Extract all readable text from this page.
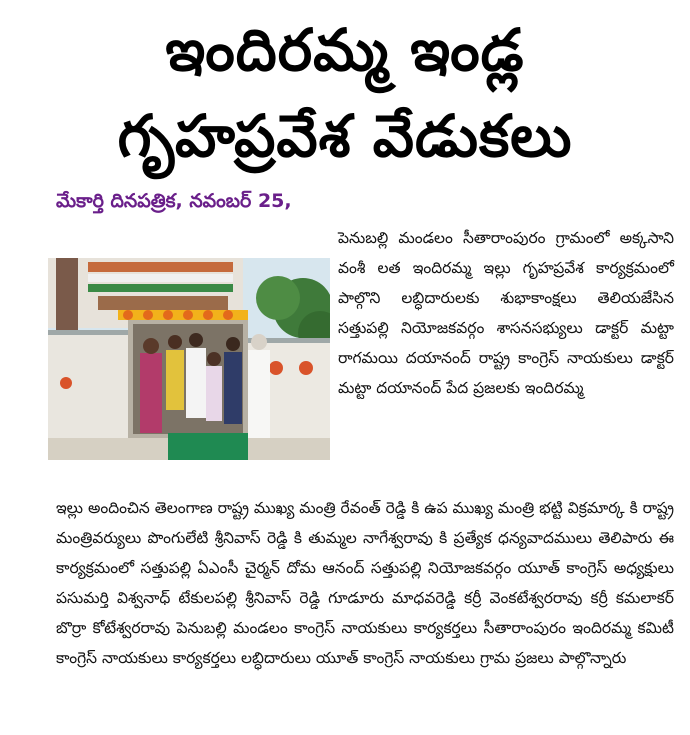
ఇందిరమ్మ ఇండ్ల
గృహప్రవేశ వేడుకలు
మేకార్తి దినపత్రిక, నవంబర్ 25,
పెనుబల్లి మండలం సీతారాంపురం గ్రామంలో అక్కసాని వంశీ లత ఇందిరమ్మ ఇల్లు గృహప్రవేశ కార్యక్రమంలో పాల్గొని లబ్ధిదారులకు శుభాకాంక్షలు తెలియజేసిన సత్తుపల్లి నియోజకవర్గం శాసనసభ్యులు డాక్టర్ మట్టా రాగమయి దయానంద్ రాష్ట్ర కాంగ్రెస్ నాయకులు డాక్టర్ మట్టా దయానంద్ పేద ప్రజలకు ఇందిరమ్మ
ఇల్లు అందించిన తెలంగాణ రాష్ట్ర ముఖ్య మంత్రి రేవంత్ రెడ్డి కి ఉప ముఖ్య మంత్రి భట్టి విక్రమార్క కి రాష్ట్ర మంత్రివర్యులు పొంగులేటి శ్రీనివాస్ రెడ్డి కి తుమ్మల నాగేశ్వరావు కి ప్రత్యేక ధన్యవాదములు తెలిపారు ఈ కార్యక్రమంలో సత్తుపల్లి ఏఎంసీ చైర్మన్ దోమ ఆనంద్ సత్తుపల్లి నియోజకవర్గం యూత్ కాంగ్రెస్ అధ్యక్షులు పసుమర్తి విశ్వనాధ్ టేకులపల్లి శ్రీనివాస్ రెడ్డి గూడూరు మాధవరెడ్డి కర్రీ వెంకటేశ్వరరావు కర్రీ కమలాకర్ బొర్రా కోటేశ్వరరావు పెనుబల్లి మండలం కాంగ్రెస్ నాయకులు కార్యకర్తలు సీతారాంపురం ఇందిరమ్మ కమిటీ కాంగ్రెస్ నాయకులు కార్యకర్తలు లబ్ధిదారులు యూత్ కాంగ్రెస్ నాయకులు గ్రామ ప్రజలు పాల్గొన్నారు
